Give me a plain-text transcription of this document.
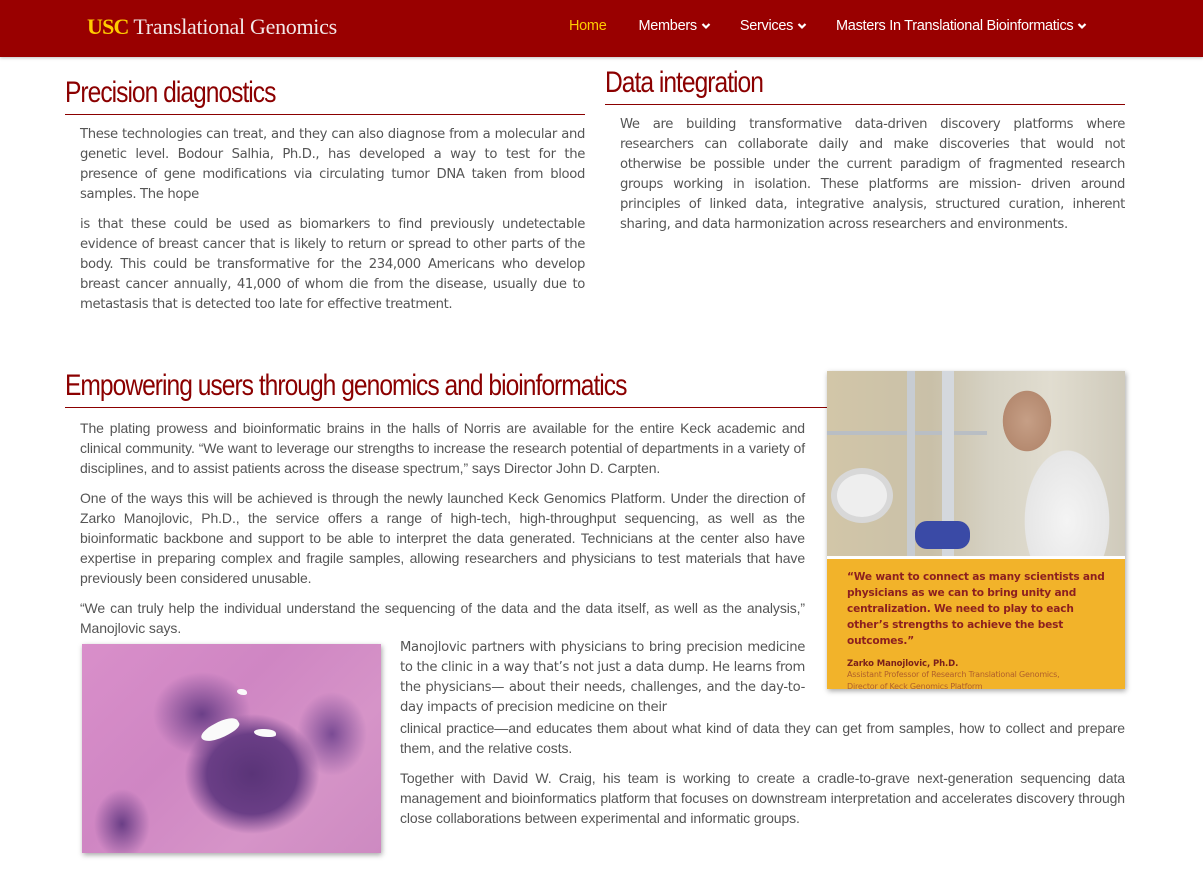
USC Translational Genomics	Home Members	Services	Masters In Translational Bioinformatics
Precision diagnostics

These technologies can treat, and they can also diagnose from a molecular and genetic level. Bodour Salhia, Ph.D., has developed a way to test for the presence of gene modifications via circulating tumor DNA taken from blood samples. The hope

is that these could be used as biomarkers to find previously undetectable evidence of breast cancer that is likely to return or spread to other parts of the body. This could be transformative for the 234,000 Americans who develop breast cancer annually, 41,000 of whom die from the disease, usually due to metastasis that is detected too late for effective treatment.

Data integration

We are building transformative data-driven discovery platforms where researchers can collaborate daily and make discoveries that would not otherwise be possible under the current paradigm of fragmented research groups working in isolation. These platforms are mission- driven around principles of linked data, integrative analysis, structured curation, inherent sharing, and data harmonization across researchers and environments.

Empowering users through genomics and bioinformatics

The plating prowess and bioinformatic brains in the halls of Norris are available for the entire Keck academic and clinical community. “We want to leverage our strengths to increase the research potential of departments in a variety of disciplines, and to assist patients across the disease spectrum,” says Director John D. Carpten.

One of the ways this will be achieved is through the newly launched Keck Genomics Platform. Under the direction of Zarko Manojlovic, Ph.D., the service offers a range of high-tech, high-throughput sequencing, as well as the bioinformatic backbone and support to be able to interpret the data generated. Technicians at the center also have expertise in preparing complex and fragile samples, allowing researchers and physicians to test materials that have previously been considered unusable.

“We can truly help the individual understand the sequencing of the data and the data itself, as well as the analysis,” Manojlovic says.

Manojlovic partners with physicians to bring precision medicine to the clinic in a way that’s not just a data dump. He learns from the physicians— about their needs, challenges, and the day-to-day impacts of precision medicine on their

clinical practice—and educates them about what kind of data they can get from samples, how to collect and prepare them, and the relative costs.

Together with David W. Craig, his team is working to create a cradle-to-grave next-generation sequencing data management and bioinformatics platform that focuses on downstream interpretation and accelerates discovery through close collaborations between experimental and informatic groups.

“We want to connect as many scientists and physicians as we can to bring unity and centralization. We need to play to each other’s strengths to achieve the best outcomes.”
Zarko Manojlovic, Ph.D.
Assistant Professor of Research Translational Genomics,
Director of Keck Genomics Platform
